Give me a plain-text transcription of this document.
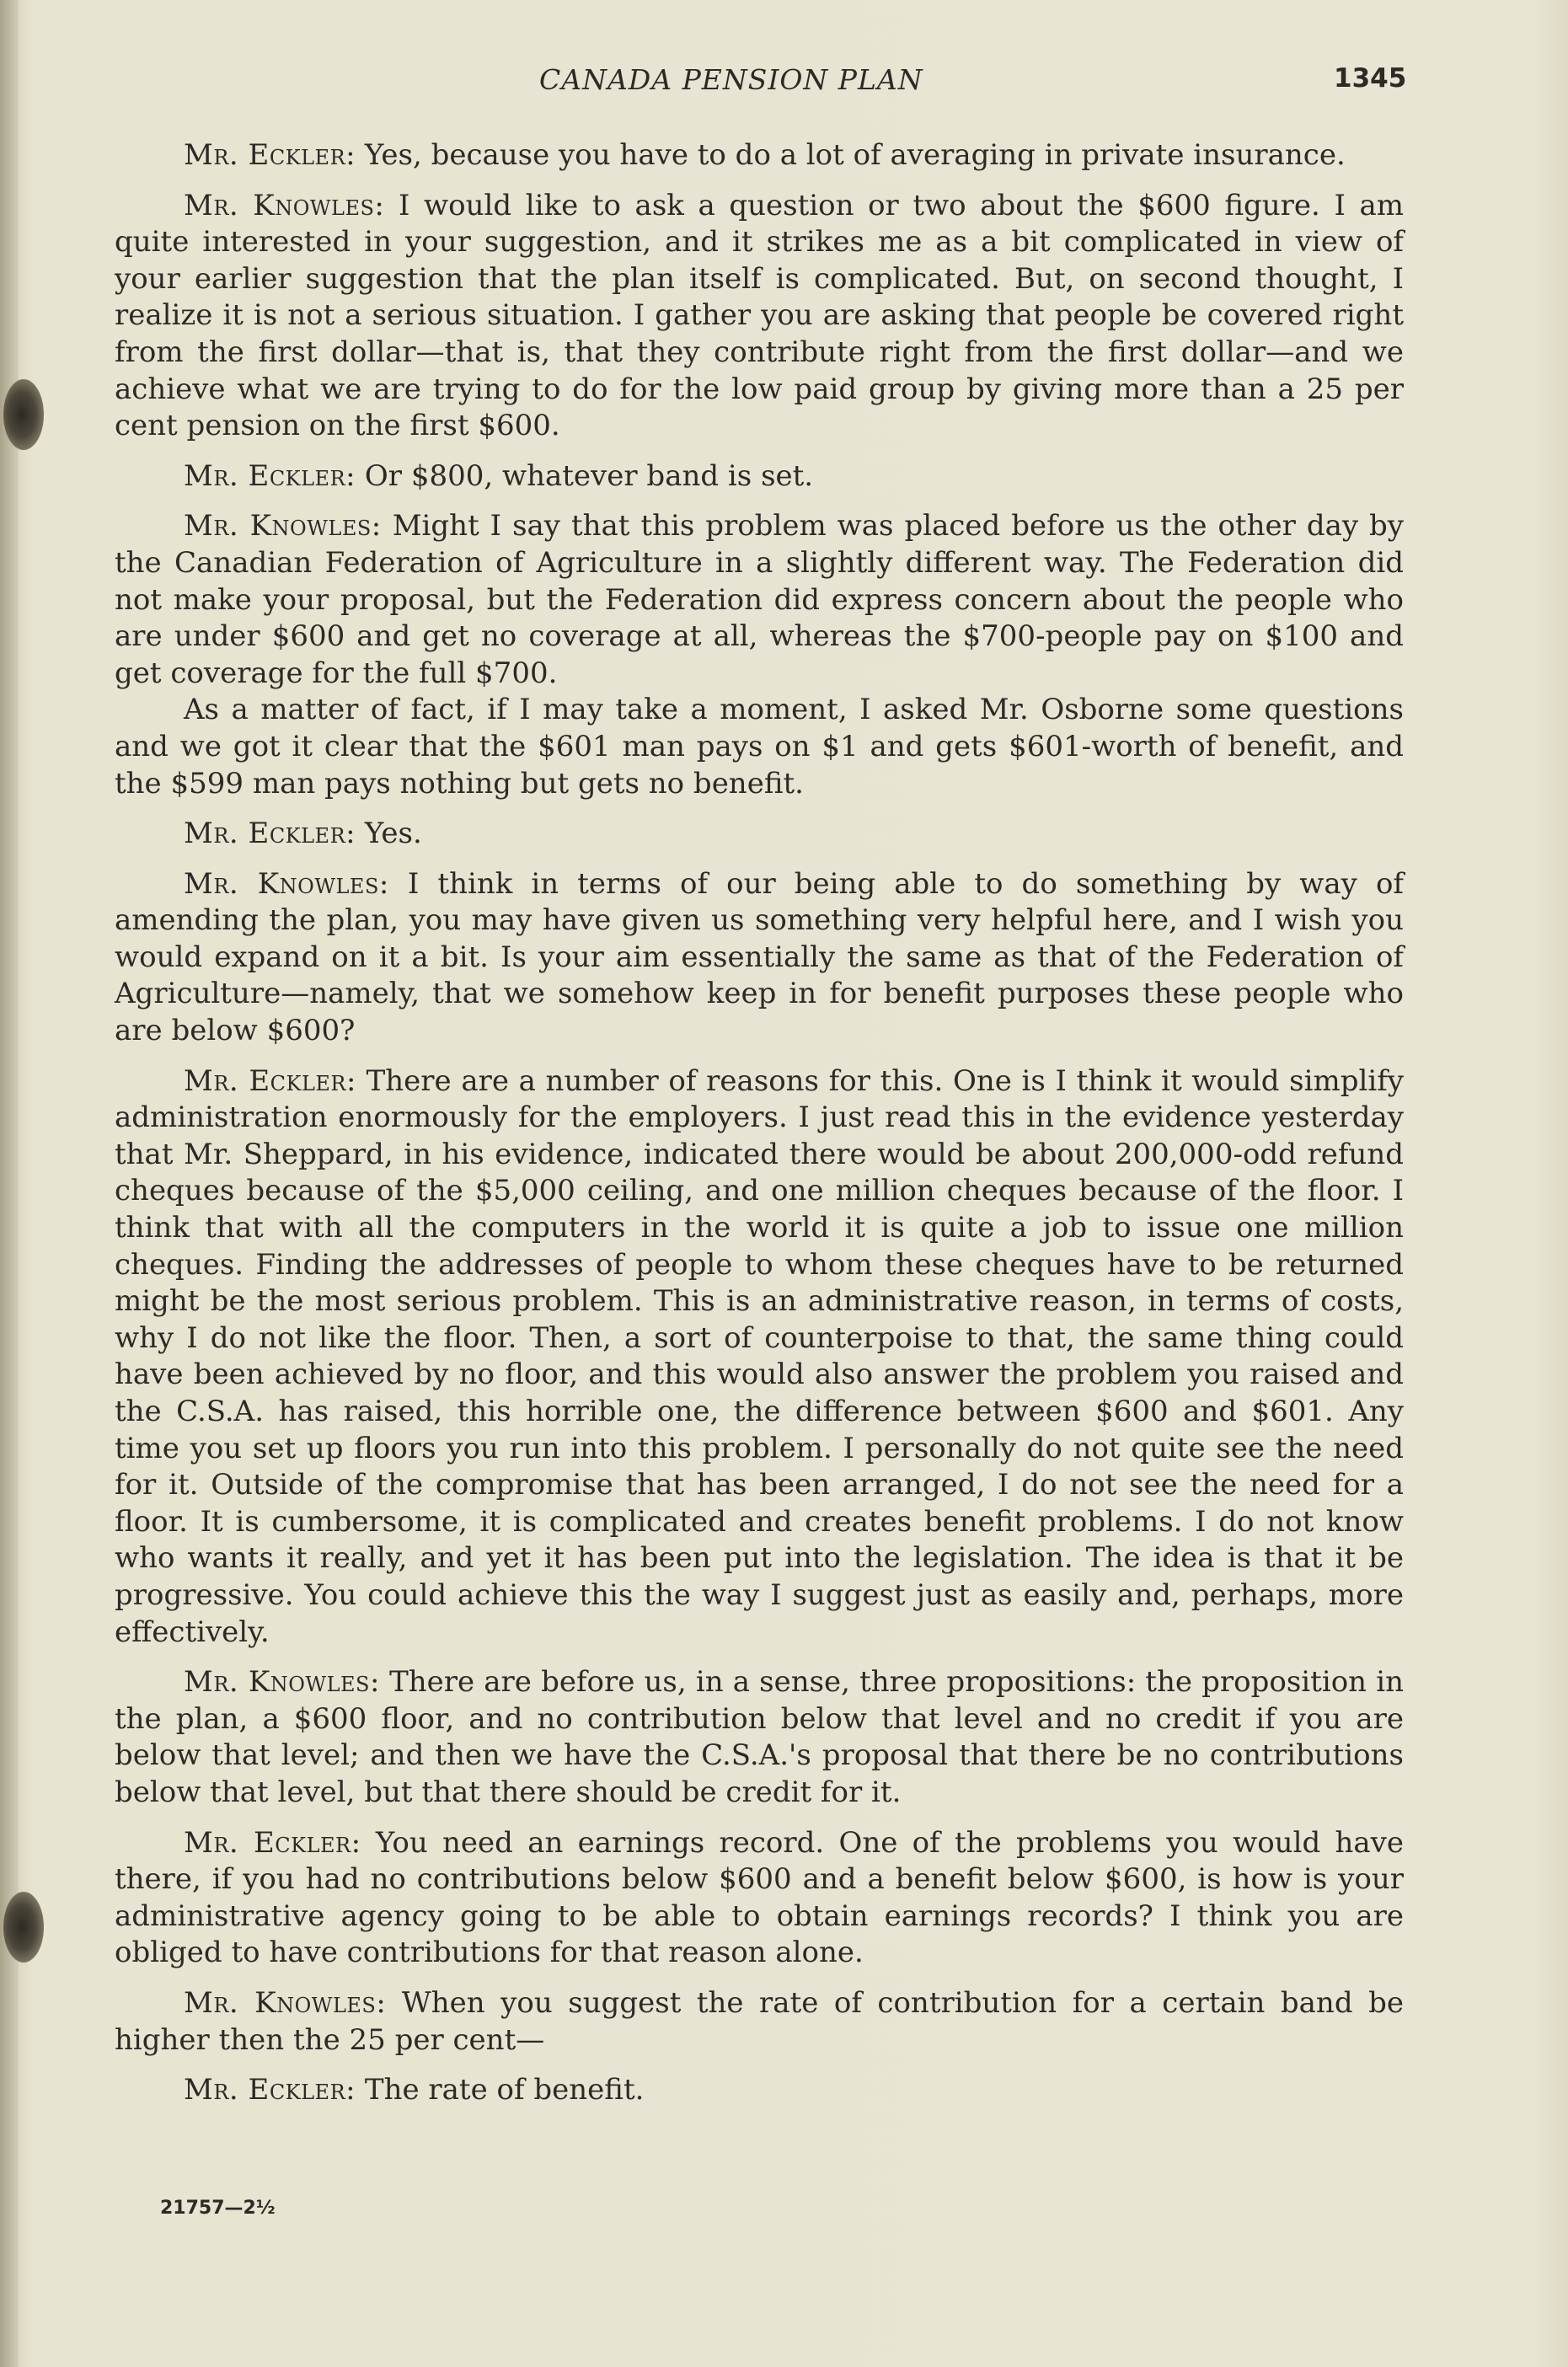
CANADA PENSION PLAN	1345

Mr. Eckler: Yes, because you have to do a lot of averaging in private insurance.

Mr. Knowles: I would like to ask a question or two about the $600 figure. I am quite interested in your suggestion, and it strikes me as a bit complicated in view of your earlier suggestion that the plan itself is complicated. But, on second thought, I realize it is not a serious situation. I gather you are asking that people be covered right from the first dollar—that is, that they contribute right from the first dollar—and we achieve what we are trying to do for the low paid group by giving more than a 25 per cent pension on the first $600.

Mr. Eckler: Or $800, whatever band is set.

Mr. Knowles: Might I say that this problem was placed before us the other day by the Canadian Federation of Agriculture in a slightly different way. The Federation did not make your proposal, but the Federation did express concern about the people who are under $600 and get no coverage at all, whereas the $700-people pay on $100 and get coverage for the full $700.

As a matter of fact, if I may take a moment, I asked Mr. Osborne some questions and we got it clear that the $601 man pays on $1 and gets $601-worth of benefit, and the $599 man pays nothing but gets no benefit.

Mr. Eckler: Yes.

Mr. Knowles: I think in terms of our being able to do something by way of amending the plan, you may have given us something very helpful here, and I wish you would expand on it a bit. Is your aim essentially the same as that of the Federation of Agriculture—namely, that we somehow keep in for benefit purposes these people who are below $600?

Mr. Eckler: There are a number of reasons for this. One is I think it would simplify administration enormously for the employers. I just read this in the evidence yesterday that Mr. Sheppard, in his evidence, indicated there would be about 200,000-odd refund cheques because of the $5,000 ceiling, and one million cheques because of the floor. I think that with all the computers in the world it is quite a job to issue one million cheques. Finding the addresses of people to whom these cheques have to be returned might be the most serious problem. This is an administrative reason, in terms of costs, why I do not like the floor. Then, a sort of counterpoise to that, the same thing could have been achieved by no floor, and this would also answer the problem you raised and the C.S.A. has raised, this horrible one, the difference between $600 and $601. Any time you set up floors you run into this problem. I personally do not quite see the need for it. Outside of the compromise that has been arranged, I do not see the need for a floor. It is cumbersome, it is complicated and creates benefit problems. I do not know who wants it really, and yet it has been put into the legislation. The idea is that it be progressive. You could achieve this the way I suggest just as easily and, perhaps, more effectively.

Mr. Knowles: There are before us, in a sense, three propositions: the proposition in the plan, a $600 floor, and no contribution below that level and no credit if you are below that level; and then we have the C.S.A.'s proposal that there be no contributions below that level, but that there should be credit for it.

Mr. Eckler: You need an earnings record. One of the problems you would have there, if you had no contributions below $600 and a benefit below $600, is how is your administrative agency going to be able to obtain earnings records? I think you are obliged to have contributions for that reason alone.

Mr. Knowles: When you suggest the rate of contribution for a certain band be higher then the 25 per cent—

Mr. Eckler: The rate of benefit.

21757—2½
